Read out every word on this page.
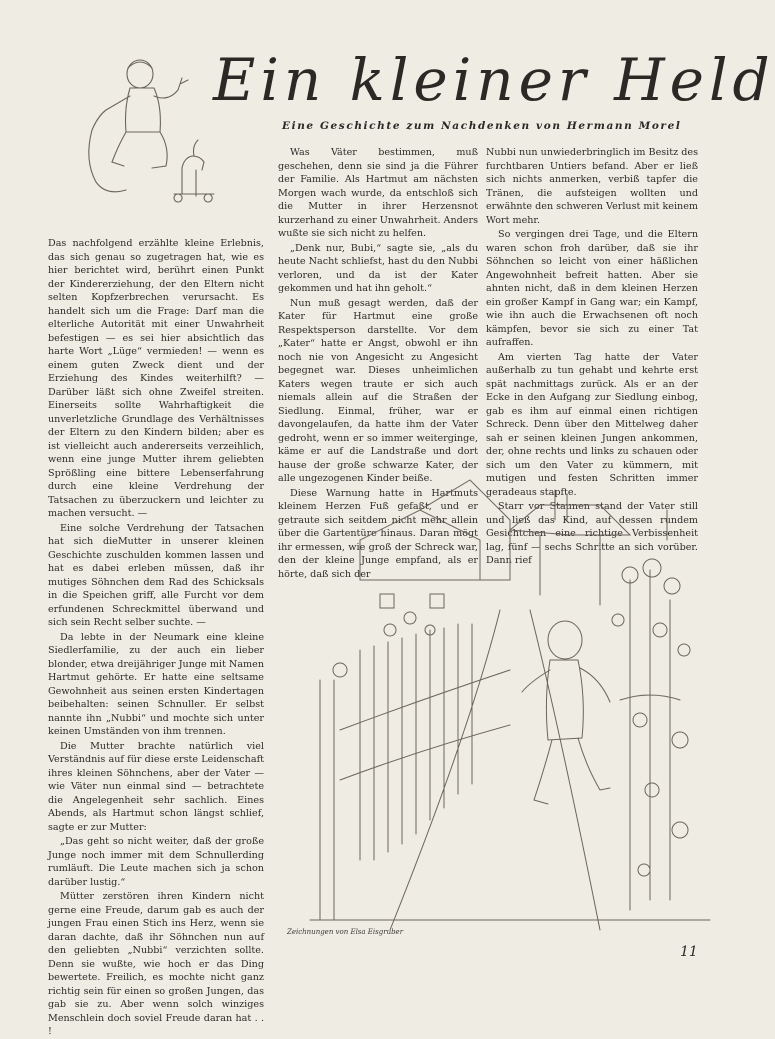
Ein kleiner Held
Eine Geschichte zum Nachdenken von Hermann Morel

Das nachfolgend erzählte kleine Erlebnis, das sich genau so zugetragen hat, wie es hier berichtet wird, berührt einen Punkt der Kindererziehung, der den Eltern nicht selten Kopfzerbrechen verursacht. Es handelt sich um die Frage: Darf man die elterliche Autorität mit einer Unwahrheit befestigen — es sei hier absichtlich das harte Wort „Lüge“ vermieden! — wenn es einem guten Zweck dient und der Erziehung des Kindes weiterhilft? — Darüber läßt sich ohne Zweifel streiten. Einerseits sollte Wahrhaftigkeit die unverletzliche Grundlage des Verhältnisses der Eltern zu den Kindern bilden; aber es ist vielleicht auch andererseits verzeihlich, wenn eine junge Mutter ihrem geliebten Sprößling eine bittere Lebenserfahrung durch eine kleine Verdrehung der Tatsachen zu überzuckern und leichter zu machen versucht. —

Eine solche Verdrehung der Tatsachen hat sich dieMutter in unserer kleinen Geschichte zuschulden kommen lassen und hat es dabei erleben müssen, daß ihr mutiges Söhnchen dem Rad des Schicksals in die Speichen griff, alle Furcht vor dem erfundenen Schreckmittel überwand und sich sein Recht selber suchte. —

Da lebte in der Neumark eine kleine Siedlerfamilie, zu der auch ein lieber blonder, etwa dreijähriger Junge mit Namen Hartmut gehörte. Er hatte eine seltsame Gewohnheit aus seinen ersten Kindertagen beibehalten: seinen Schnuller. Er selbst nannte ihn „Nubbi“ und mochte sich unter keinen Umständen von ihm trennen.

Die Mutter brachte natürlich viel Verständnis auf für diese erste Leidenschaft ihres kleinen Söhnchens, aber der Vater — wie Väter nun einmal sind — betrachtete die Angelegenheit sehr sachlich. Eines Abends, als Hartmut schon längst schlief, sagte er zur Mutter:

„Das geht so nicht weiter, daß der große Junge noch immer mit dem Schnullerding rumläuft. Die Leute machen sich ja schon darüber lustig.“

Mütter zerstören ihren Kindern nicht gerne eine Freude, darum gab es auch der jungen Frau einen Stich ins Herz, wenn sie daran dachte, daß ihr Söhnchen nun auf den geliebten „Nubbi“ verzichten sollte. Denn sie wußte, wie hoch er das Ding bewertete. Freilich, es mochte nicht ganz richtig sein für einen so großen Jungen, das gab sie zu. Aber wenn solch winziges Menschlein doch soviel Freude daran hat . . !

Was Väter bestimmen, muß geschehen, denn sie sind ja die Führer der Familie. Als Hartmut am nächsten Morgen wach wurde, da entschloß sich die Mutter in ihrer Herzensnot kurzerhand zu einer Unwahrheit. Anders wußte sie sich nicht zu helfen.

„Denk nur, Bubi,“ sagte sie, „als du heute Nacht schliefst, hast du den Nubbi verloren, und da ist der Kater gekommen und hat ihn geholt.“

Nun muß gesagt werden, daß der Kater für Hartmut eine große Respektsperson darstellte. Vor dem „Kater“ hatte er Angst, obwohl er ihn noch nie von Angesicht zu Angesicht begegnet war. Dieses unheimlichen Katers wegen traute er sich auch niemals allein auf die Straßen der Siedlung. Einmal, früher, war er davongelaufen, da hatte ihm der Vater gedroht, wenn er so immer weiterginge, käme er auf die Landstraße und dort hause der große schwarze Kater, der alle ungezogenen Kinder beiße.

Diese Warnung hatte in Hartmuts kleinem Herzen Fuß gefaßt, und er getraute sich seitdem nicht mehr allein über die Gartentüre hinaus. Daran mögt ihr ermessen, wie groß der Schreck war, den der kleine Junge empfand, als er hörte, daß sich der

Nubbi nun unwiederbringlich im Besitz des furchtbaren Untiers befand. Aber er ließ sich nichts anmerken, verbiß tapfer die Tränen, die aufsteigen wollten und erwähnte den schweren Verlust mit keinem Wort mehr.

So vergingen drei Tage, und die Eltern waren schon froh darüber, daß sie ihr Söhnchen so leicht von einer häßlichen Angewohnheit befreit hatten. Aber sie ahnten nicht, daß in dem kleinen Herzen ein großer Kampf in Gang war; ein Kampf, wie ihn auch die Erwachsenen oft noch kämpfen, bevor sie sich zu einer Tat aufraffen.

Am vierten Tag hatte der Vater außerhalb zu tun gehabt und kehrte erst spät nachmittags zurück. Als er an der Ecke in den Aufgang zur Siedlung einbog, gab es ihm auf einmal einen richtigen Schreck. Denn über den Mittelweg daher sah er seinen kleinen Jungen ankommen, der, ohne rechts und links zu schauen oder sich um den Vater zu kümmern, mit mutigen und festen Schritten immer geradeaus stapfte.

Starr vor Staunen stand der Vater still und ließ das Kind, auf dessen rundem Gesichtchen eine richtige Verbissenheit lag, fünf — sechs Schritte an sich vorüber. Dann rief

Zeichnungen von Elsa Eisgruber
11
